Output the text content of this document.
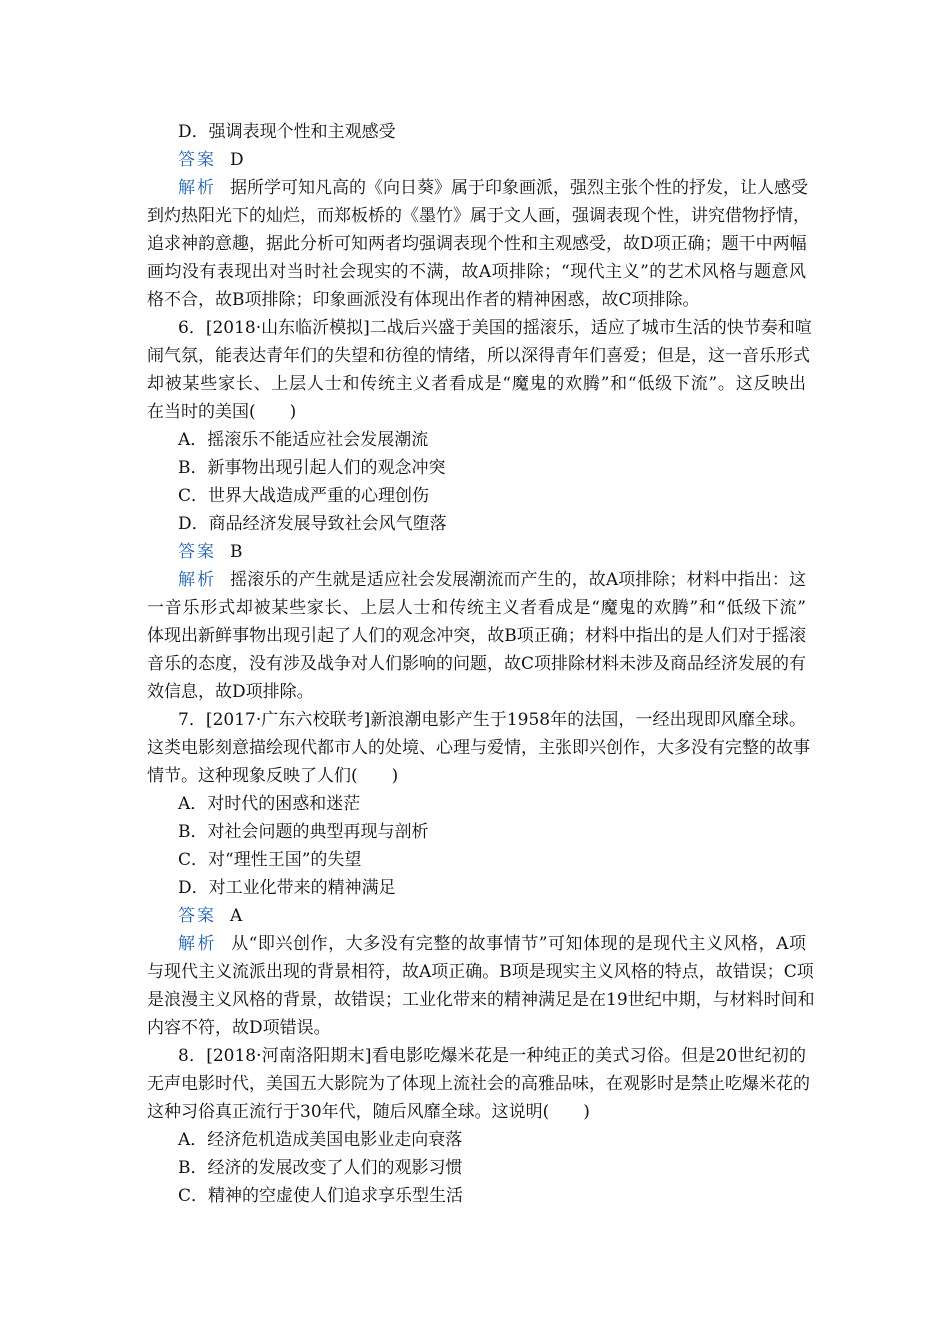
D．强调表现个性和主观感受
答案 D
解析 据所学可知凡高的《向日葵》属于印象画派，强烈主张个性的抒发，让人感受
到灼热阳光下的灿烂，而郑板桥的《墨竹》属于文人画，强调表现个性，讲究借物抒情，
追求神韵意趣，据此分析可知两者均强调表现个性和主观感受，故D项正确；题干中两幅
画均没有表现出对当时社会现实的不满，故A项排除；“现代主义”的艺术风格与题意风
格不合，故B项排除；印象画派没有体现出作者的精神困惑，故C项排除。
6．[2018·山东临沂模拟]二战后兴盛于美国的摇滚乐，适应了城市生活的快节奏和喧
闹气氛，能表达青年们的失望和彷徨的情绪，所以深得青年们喜爱；但是，这一音乐形式
却被某些家长、上层人士和传统主义者看成是“魔鬼的欢腾”和“低级下流”。这反映出
在当时的美国(　　)
A．摇滚乐不能适应社会发展潮流
B．新事物出现引起人们的观念冲突
C．世界大战造成严重的心理创伤
D．商品经济发展导致社会风气堕落
答案 B
解析 摇滚乐的产生就是适应社会发展潮流而产生的，故A项排除；材料中指出：这
一音乐形式却被某些家长、上层人士和传统主义者看成是“魔鬼的欢腾”和“低级下流”
体现出新鲜事物出现引起了人们的观念冲突，故B项正确；材料中指出的是人们对于摇滚
音乐的态度，没有涉及战争对人们影响的问题，故C项排除材料未涉及商品经济发展的有
效信息，故D项排除。
7．[2017·广东六校联考]新浪潮电影产生于1958年的法国，一经出现即风靡全球。
这类电影刻意描绘现代都市人的处境、心理与爱情，主张即兴创作，大多没有完整的故事
情节。这种现象反映了人们(　　)
A．对时代的困惑和迷茫
B．对社会问题的典型再现与剖析
C．对“理性王国”的失望
D．对工业化带来的精神满足
答案 A
解析 从“即兴创作，大多没有完整的故事情节”可知体现的是现代主义风格，A项
与现代主义流派出现的背景相符，故A项正确。B项是现实主义风格的特点，故错误；C项
是浪漫主义风格的背景，故错误；工业化带来的精神满足是在19世纪中期，与材料时间和
内容不符，故D项错误。
8．[2018·河南洛阳期末]看电影吃爆米花是一种纯正的美式习俗。但是20世纪初的
无声电影时代，美国五大影院为了体现上流社会的高雅品味，在观影时是禁止吃爆米花的
这种习俗真正流行于30年代，随后风靡全球。这说明(　　)
A．经济危机造成美国电影业走向衰落
B．经济的发展改变了人们的观影习惯
C．精神的空虚使人们追求享乐型生活
